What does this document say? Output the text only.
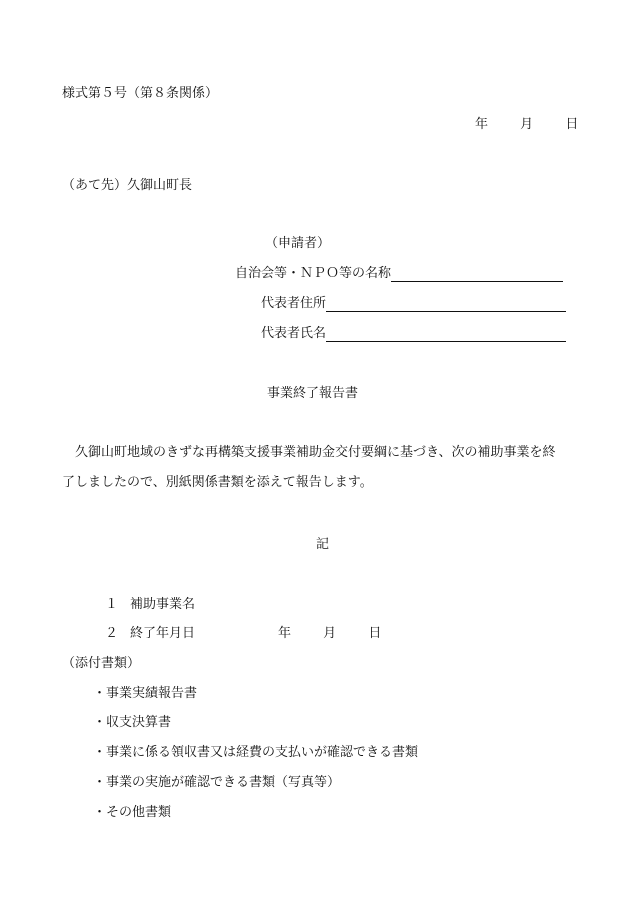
様式第５号（第８条関係）
年 月 日
（あて先）久御山町長
（申請者）
自治会等・ＮＰＯ等の名称
代表者住所
代表者氏名
事業終了報告書
久御山町地域のきずな再構築支援事業補助金交付要綱に基づき、次の補助事業を終
了しましたので、別紙関係書類を添えて報告します。
記
１ 補助事業名
２ 終了年月日	年 月 日
（添付書類）
・事業実績報告書
・収支決算書
・事業に係る領収書又は経費の支払いが確認できる書類
・事業の実施が確認できる書類（写真等）
・その他書類
